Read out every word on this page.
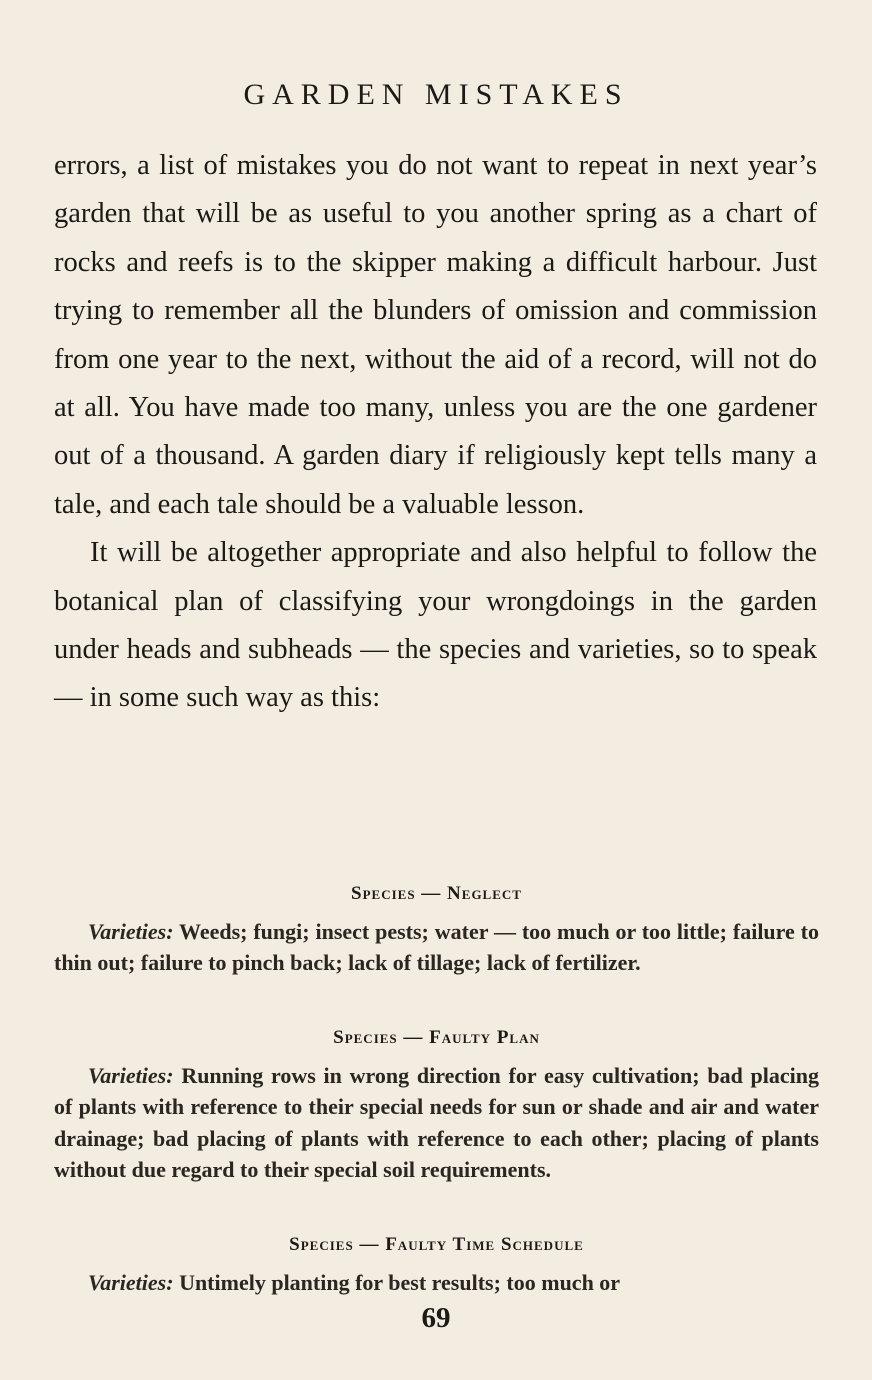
GARDEN MISTAKES

errors, a list of mistakes you do not want to repeat in next year’s garden that will be as useful to you another spring as a chart of rocks and reefs is to the skipper making a difficult harbour. Just trying to remember all the blunders of omission and commission from one year to the next, without the aid of a record, will not do at all. You have made too many, unless you are the one gardener out of a thousand. A garden diary if religiously kept tells many a tale, and each tale should be a valuable lesson.

It will be altogether appropriate and also helpful to follow the botanical plan of classifying your wrongdoings in the garden under heads and subheads — the species and varieties, so to speak — in some such way as this:

Species — Neglect

Varieties: Weeds; fungi; insect pests; water — too much or too little; failure to thin out; failure to pinch back; lack of tillage; lack of fertilizer.

Species — Faulty Plan

Varieties: Running rows in wrong direction for easy cultivation; bad placing of plants with reference to their special needs for sun or shade and air and water drainage; bad placing of plants with reference to each other; placing of plants without due regard to their special soil requirements.

Species — Faulty Time Schedule

Varieties: Untimely planting for best results; too much or

69
